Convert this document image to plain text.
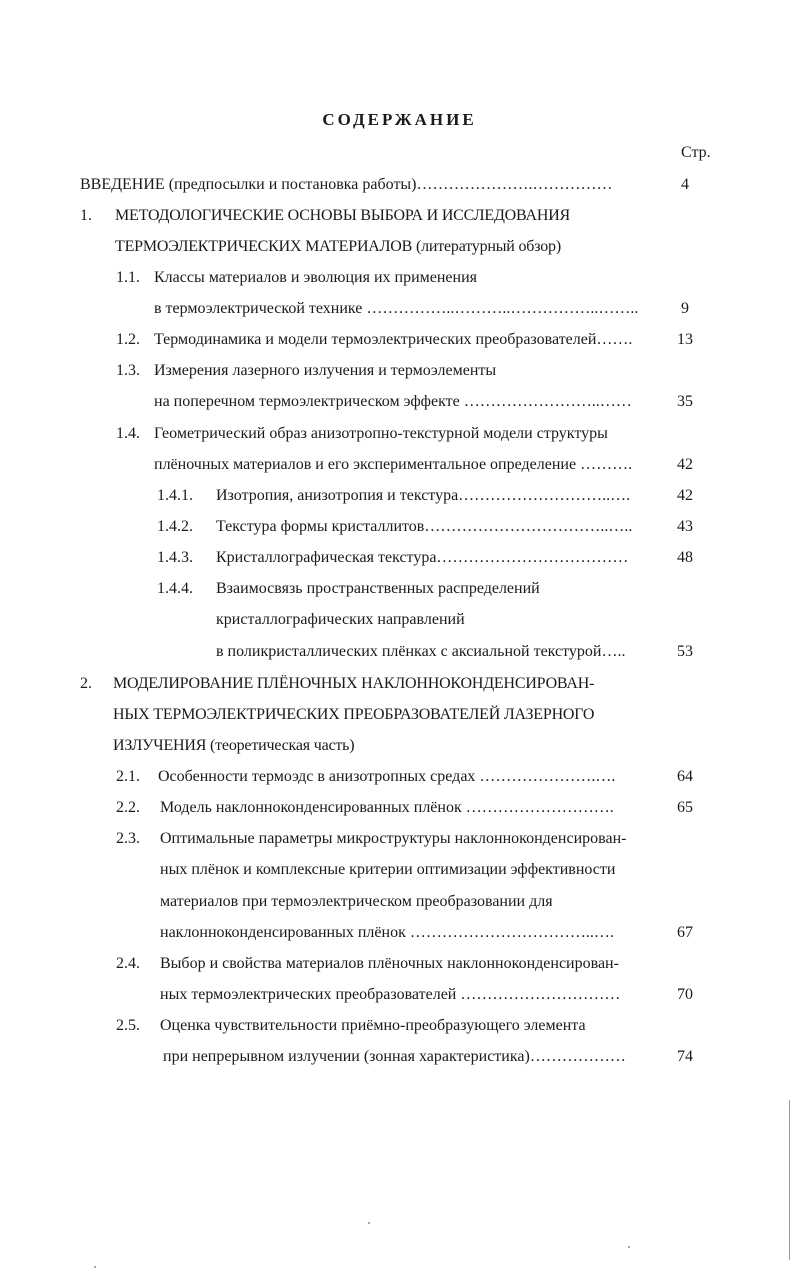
СОДЕРЖАНИЕ
Стр.
ВВЕДЕНИЕ (предпосылки и постановка работы)………………….……………	4
1. МЕТОДОЛОГИЧЕСКИЕ ОСНОВЫ ВЫБОРА И ИССЛЕДОВАНИЯ
ТЕРМОЭЛЕКТРИЧЕСКИХ МАТЕРИАЛОВ (литературный обзор)
1.1. Классы материалов и эволюция их применения
в термоэлектрической технике ……………..………..……………..……..	9
1.2. Термодинамика и модели термоэлектрических преобразователей…….	13
1.3. Измерения лазерного излучения и термоэлементы
на поперечном термоэлектрическом эффекте ……………………..……	35
1.4. Геометрический образ анизотропно-текстурной модели структуры
плёночных материалов и его экспериментальное определение ……….	42
1.4.1. Изотропия, анизотропия и текстура………………………..….	42
1.4.2. Текстура формы кристаллитов……………………………..…..	43
1.4.3. Кристаллографическая текстура………………………………	48
1.4.4. Взаимосвязь пространственных распределений
кристаллографических направлений
в поликристаллических плёнках с аксиальной текстурой…..	53
2. МОДЕЛИРОВАНИЕ ПЛЁНОЧНЫХ НАКЛОННОКОНДЕНСИРОВАН-
НЫХ ТЕРМОЭЛЕКТРИЧЕСКИХ ПРЕОБРАЗОВАТЕЛЕЙ ЛАЗЕРНОГО
ИЗЛУЧЕНИЯ (теоретическая часть)
2.1. Особенности термоэдс в анизотропных средах ………………….….	64
2.2. Модель наклонноконденсированных плёнок ……………………….	65
2.3. Оптимальные параметры микроструктуры наклонноконденсирован-
ных плёнок и комплексные критерии оптимизации эффективности
материалов при термоэлектрическом преобразовании для
наклонноконденсированных плёнок ……………………………..….	67
2.4. Выбор и свойства материалов плёночных наклонноконденсирован-
ных термоэлектрических преобразователей …………………………	70
2.5. Оценка чувствительности приёмно-преобразующего элемента
при непрерывном излучении (зонная характеристика)………………	74
